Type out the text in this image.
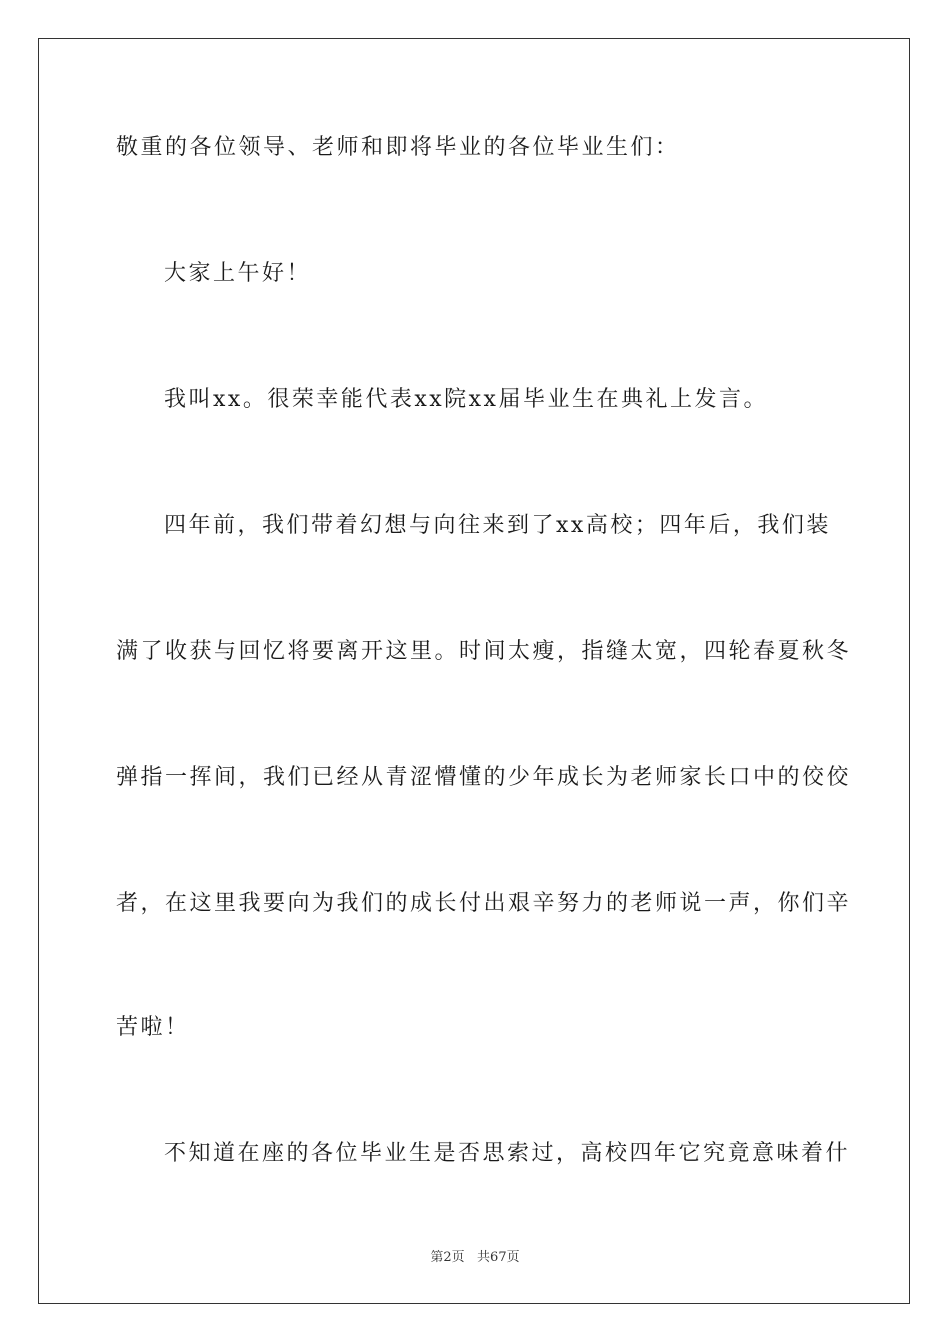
敬重的各位领导、老师和即将毕业的各位毕业生们：
大家上午好！
我叫xx。很荣幸能代表xx院xx届毕业生在典礼上发言。
四年前，我们带着幻想与向往来到了xx高校；四年后，我们装
满了收获与回忆将要离开这里。时间太瘦，指缝太宽，四轮春夏秋冬
弹指一挥间，我们已经从青涩懵懂的少年成长为老师家长口中的佼佼
者，在这里我要向为我们的成长付出艰辛努力的老师说一声，你们辛
苦啦！
不知道在座的各位毕业生是否思索过，高校四年它究竟意味着什
第2页   共67页
